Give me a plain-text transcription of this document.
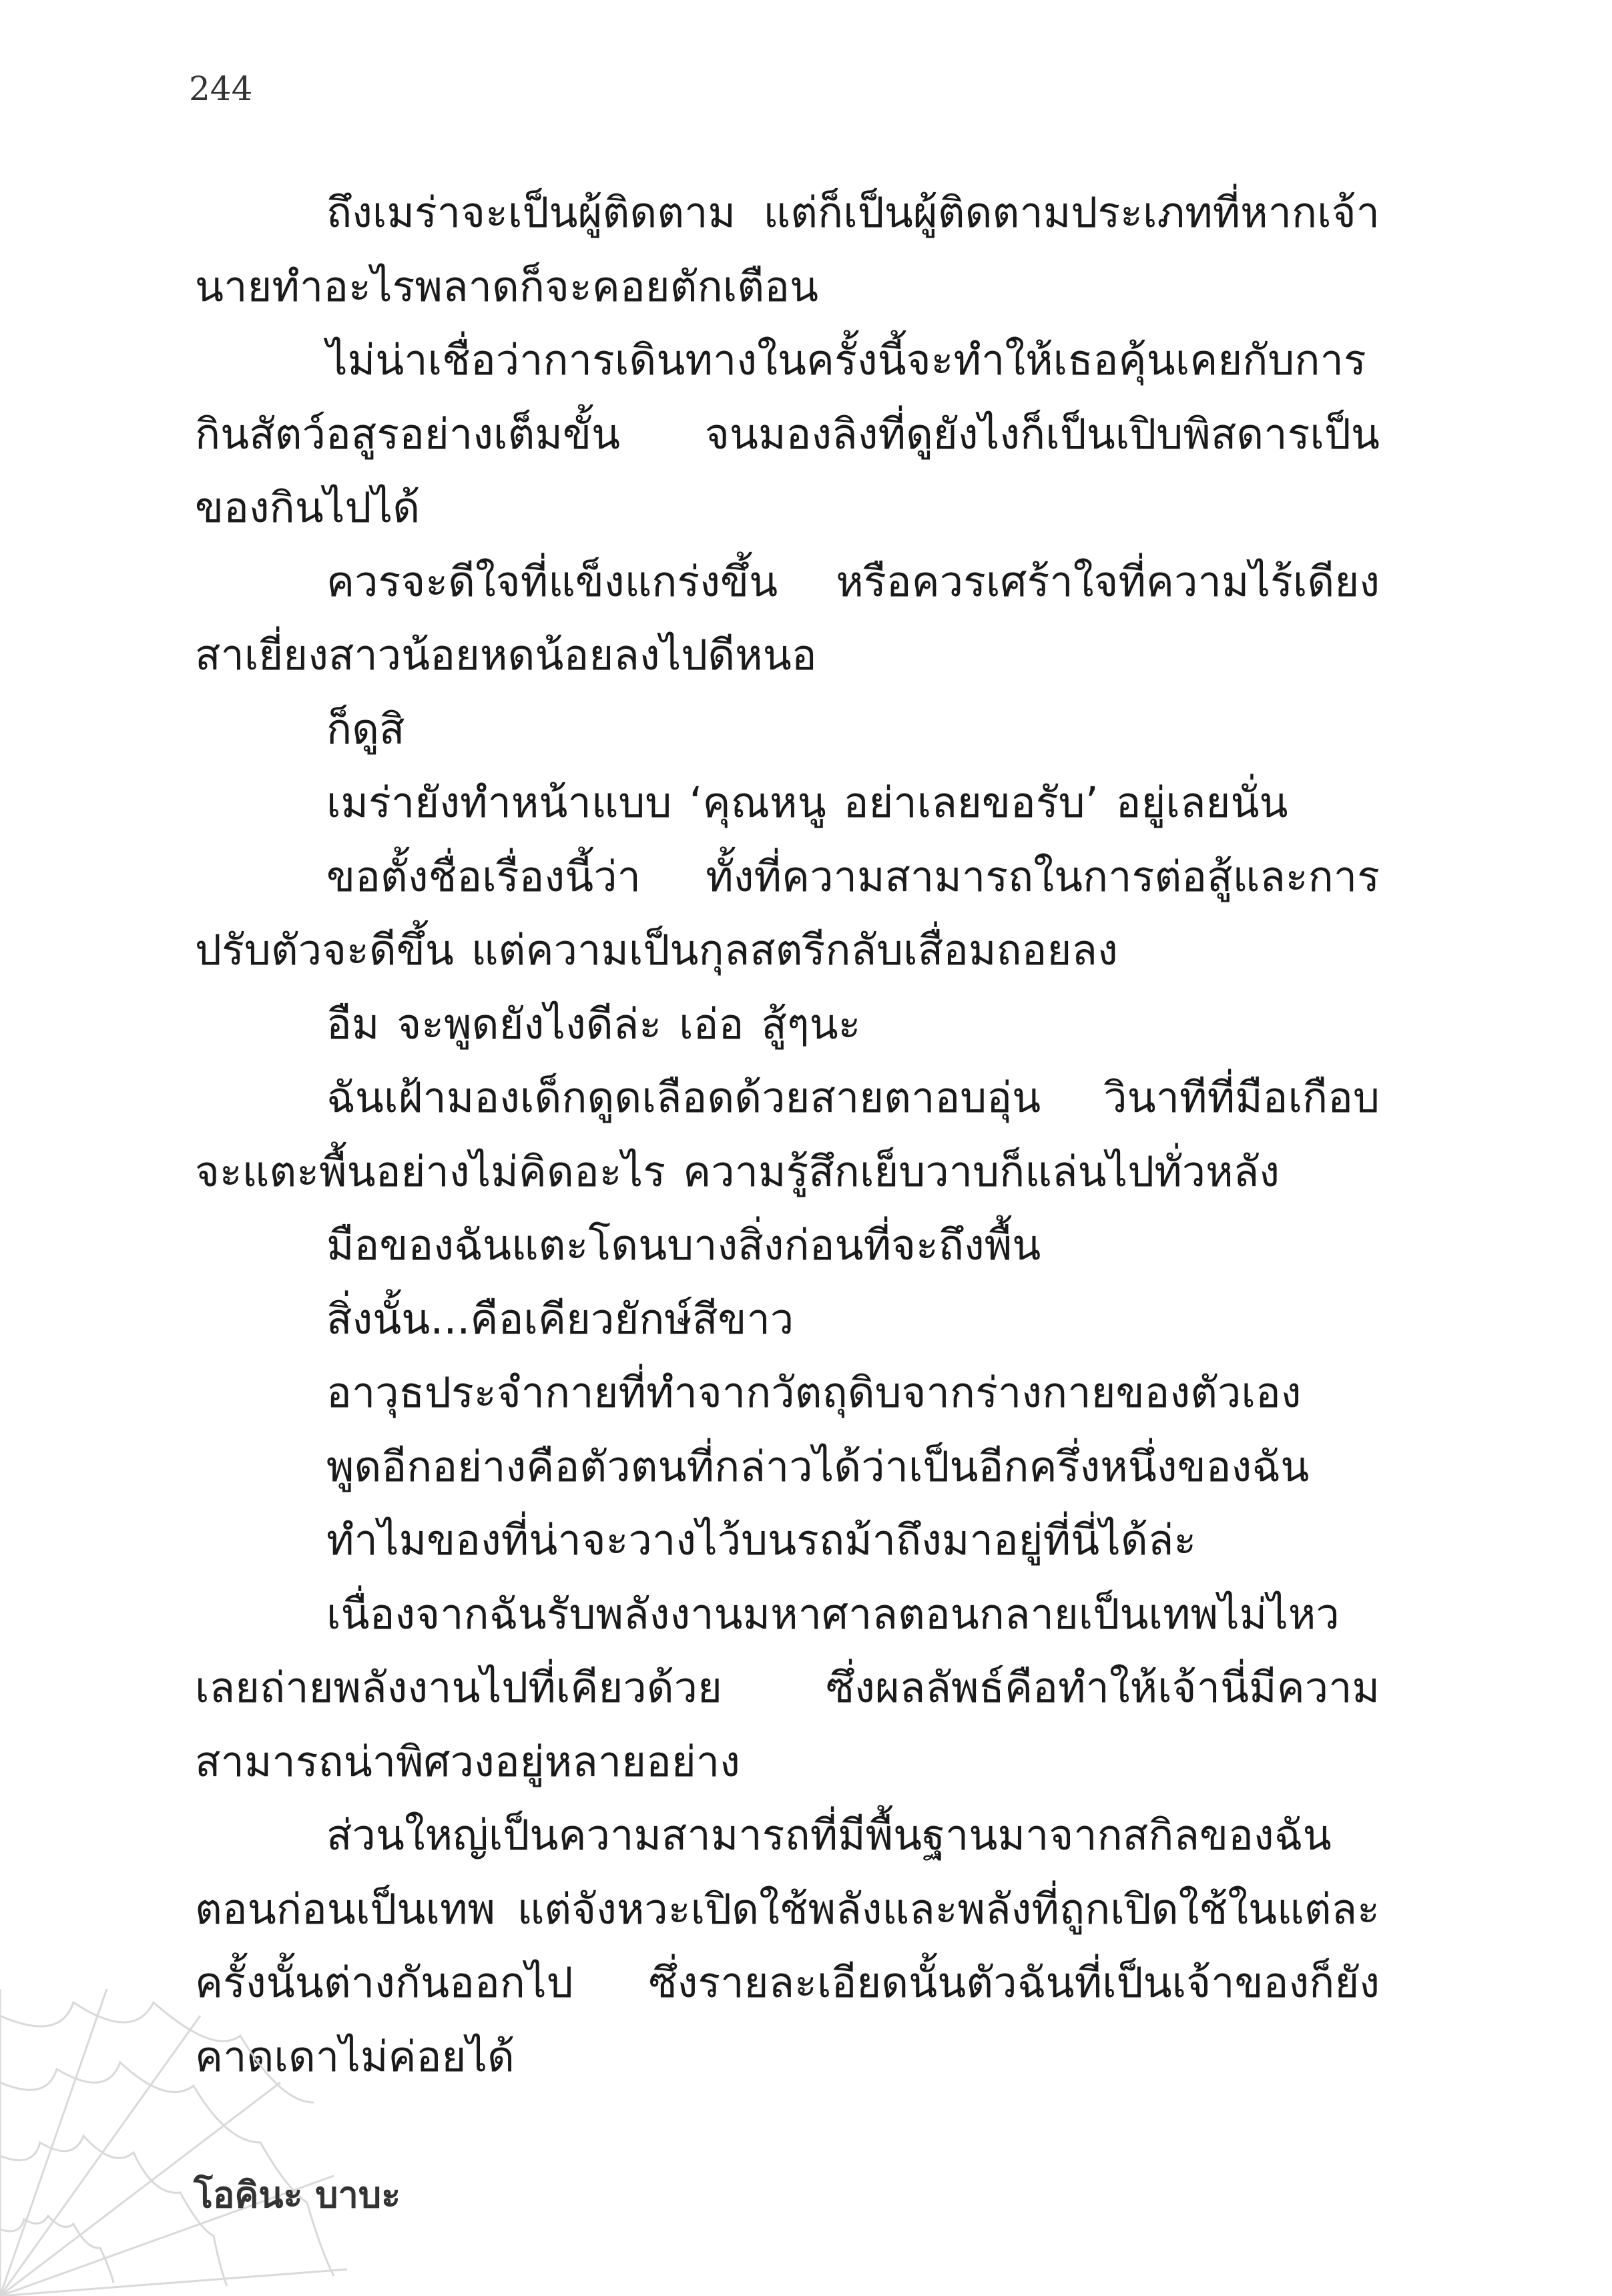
244

ถึงเมร่าจะเป็นผู้ติดตาม แต่ก็เป็นผู้ติดตามประเภทที่หากเจ้านายทำอะไรพลาดก็จะคอยตักเตือน

ไม่น่าเชื่อว่าการเดินทางในครั้งนี้จะทำให้เธอคุ้นเคยกับการกินสัตว์อสูรอย่างเต็มขั้น จนมองลิงที่ดูยังไงก็เป็นเปิบพิสดารเป็นของกินไปได้

ควรจะดีใจที่แข็งแกร่งขึ้น หรือควรเศร้าใจที่ความไร้เดียงสาเยี่ยงสาวน้อยหดน้อยลงไปดีหนอ

ก็ดูสิ

เมร่ายังทำหน้าแบบ ‘คุณหนู อย่าเลยขอรับ’ อยู่เลยนั่น

ขอตั้งชื่อเรื่องนี้ว่า ทั้งที่ความสามารถในการต่อสู้และการปรับตัวจะดีขึ้น แต่ความเป็นกุลสตรีกลับเสื่อมถอยลง

อืม จะพูดยังไงดีล่ะ เอ่อ สู้ๆนะ

ฉันเฝ้ามองเด็กดูดเลือดด้วยสายตาอบอุ่น วินาทีที่มือเกือบจะแตะพื้นอย่างไม่คิดอะไร ความรู้สึกเย็บวาบก็แล่นไปทั่วหลัง

มือของฉันแตะโดนบางสิ่งก่อนที่จะถึงพื้น

สิ่งนั้น...คือเคียวยักษ์สีขาว

อาวุธประจำกายที่ทำจากวัตถุดิบจากร่างกายของตัวเอง

พูดอีกอย่างคือตัวตนที่กล่าวได้ว่าเป็นอีกครึ่งหนึ่งของฉัน

ทำไมของที่น่าจะวางไว้บนรถม้าถึงมาอยู่ที่นี่ได้ล่ะ

เนื่องจากฉันรับพลังงานมหาศาลตอนกลายเป็นเทพไม่ไหวเลยถ่ายพลังงานไปที่เคียวด้วย ซึ่งผลลัพธ์คือทำให้เจ้านี่มีความสามารถน่าพิศวงอยู่หลายอย่าง

ส่วนใหญ่เป็นความสามารถที่มีพื้นฐานมาจากสกิลของฉันตอนก่อนเป็นเทพ แต่จังหวะเปิดใช้พลังและพลังที่ถูกเปิดใช้ในแต่ละครั้งนั้นต่างกันออกไป ซึ่งรายละเอียดนั้นตัวฉันที่เป็นเจ้าของก็ยังคาดเดาไม่ค่อยได้

โอคินะ บาบะ
